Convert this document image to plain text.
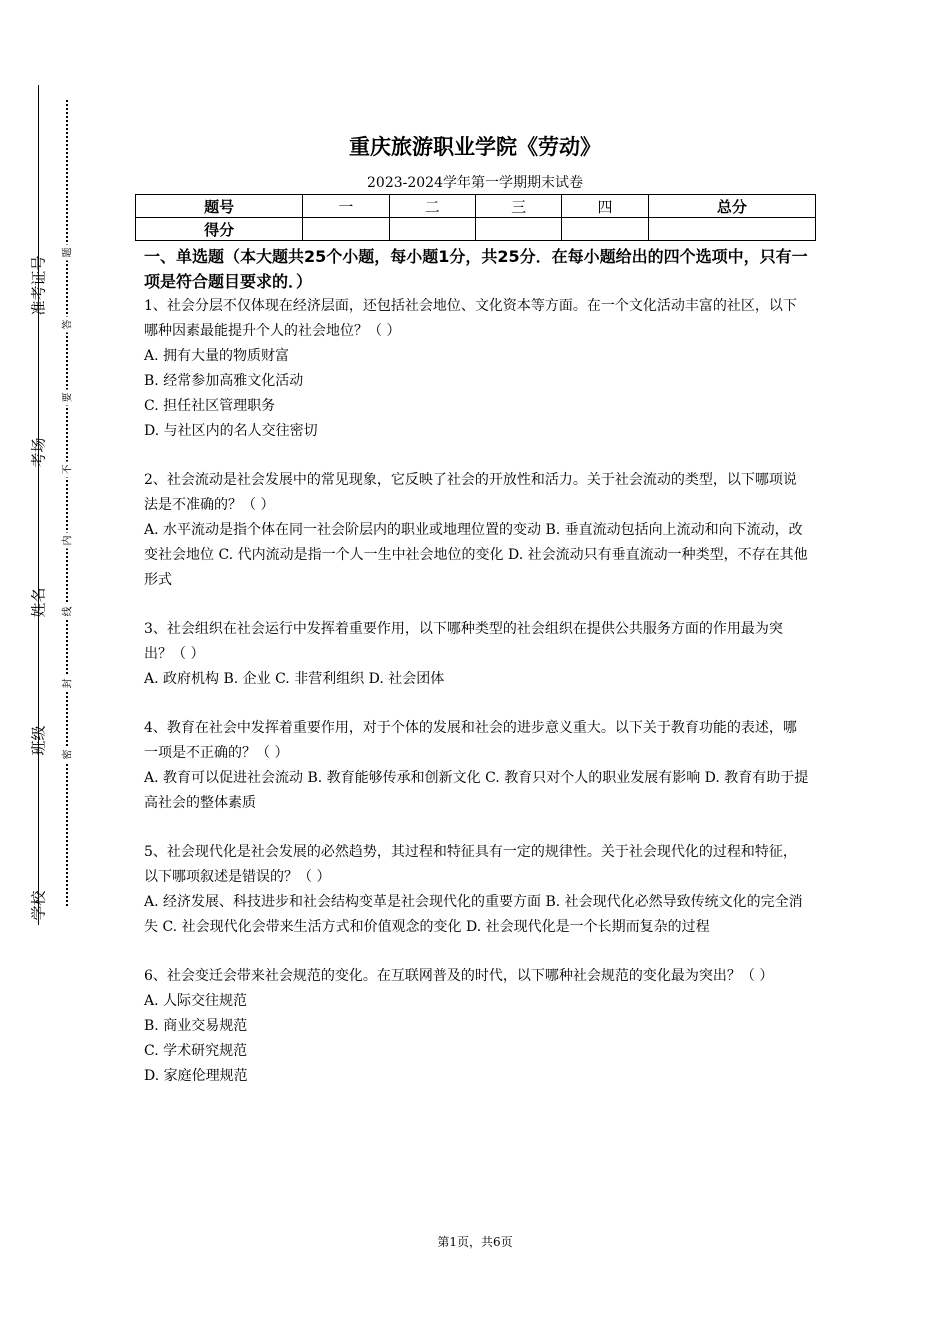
准考证号
考场
姓名
班级
学校
题
答
要
不
内
线
封
密
重庆旅游职业学院《劳动》
2023-2024学年第一学期期末试卷
题号	一	二	三	四	总分
得分					

一、单选题（本大题共25个小题，每小题1分，共25分．在每小题给出的四个选项中，只有一项是符合题目要求的．）

1、社会分层不仅体现在经济层面，还包括社会地位、文化资本等方面。在一个文化活动丰富的社区，以下哪种因素最能提升个人的社会地位？（ ）

A. 拥有大量的物质财富

B. 经常参加高雅文化活动

C. 担任社区管理职务

D. 与社区内的名人交往密切

2、社会流动是社会发展中的常见现象，它反映了社会的开放性和活力。关于社会流动的类型，以下哪项说法是不准确的？（ ）

A. 水平流动是指个体在同一社会阶层内的职业或地理位置的变动 B. 垂直流动包括向上流动和向下流动，改变社会地位 C. 代内流动是指一个人一生中社会地位的变化 D. 社会流动只有垂直流动一种类型，不存在其他形式

3、社会组织在社会运行中发挥着重要作用，以下哪种类型的社会组织在提供公共服务方面的作用最为突出？（ ）

A. 政府机构 B. 企业 C. 非营利组织 D. 社会团体

4、教育在社会中发挥着重要作用，对于个体的发展和社会的进步意义重大。以下关于教育功能的表述，哪一项是不正确的？（ ）

A. 教育可以促进社会流动 B. 教育能够传承和创新文化 C. 教育只对个人的职业发展有影响 D. 教育有助于提高社会的整体素质

5、社会现代化是社会发展的必然趋势，其过程和特征具有一定的规律性。关于社会现代化的过程和特征，以下哪项叙述是错误的？（ ）

A. 经济发展、科技进步和社会结构变革是社会现代化的重要方面 B. 社会现代化必然导致传统文化的完全消失 C. 社会现代化会带来生活方式和价值观念的变化 D. 社会现代化是一个长期而复杂的过程

6、社会变迁会带来社会规范的变化。在互联网普及的时代，以下哪种社会规范的变化最为突出？（ ）

A. 人际交往规范

B. 商业交易规范

C. 学术研究规范

D. 家庭伦理规范

第1页，共6页
